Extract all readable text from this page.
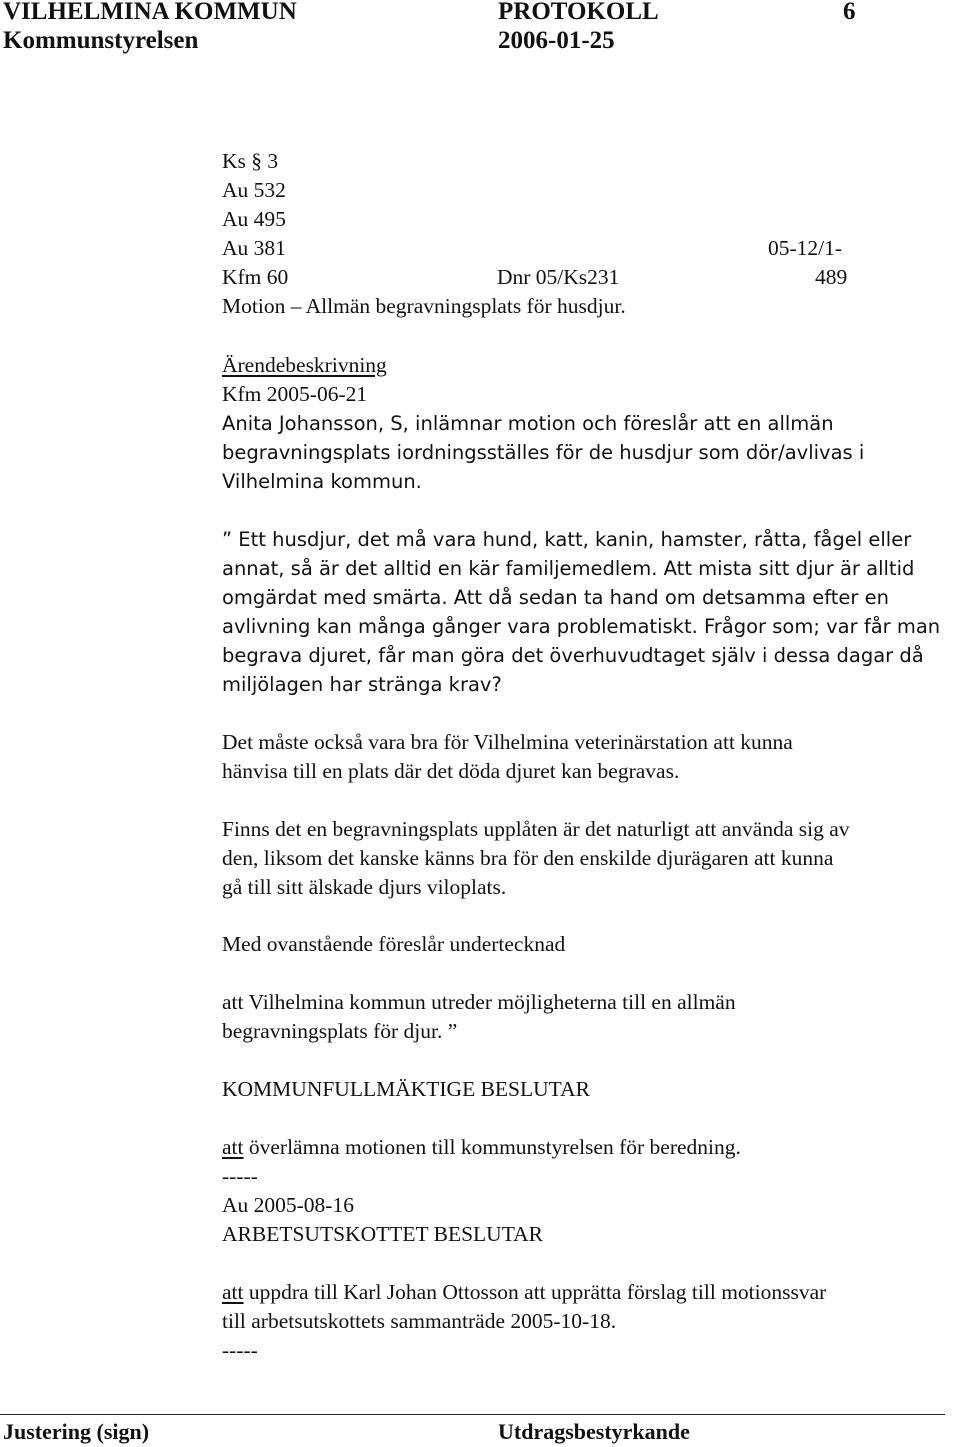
VILHELMINA KOMMUN	PROTOKOLL	6
Kommunstyrelsen	2006-01-25
Ks § 3
Au 532
Au 495
Au 381	05-12/1-
Kfm 60	Dnr 05/Ks231	489
Motion – Allmän begravningsplats för husdjur.
Ärendebeskrivning
Kfm 2005-06-21
Anita Johansson, S, inlämnar motion och föreslår att en allmän
begravningsplats iordningsställes för de husdjur som dör/avlivas i
Vilhelmina kommun.
” Ett husdjur, det må vara hund, katt, kanin, hamster, råtta, fågel eller
annat, så är det alltid en kär familjemedlem. Att mista sitt djur är alltid
omgärdat med smärta. Att då sedan ta hand om detsamma efter en
avlivning kan många gånger vara problematiskt. Frågor som; var får man
begrava djuret, får man göra det överhuvudtaget själv i dessa dagar då
miljölagen har stränga krav?
Det måste också vara bra för Vilhelmina veterinärstation att kunna
hänvisa till en plats där det döda djuret kan begravas.
Finns det en begravningsplats upplåten är det naturligt att använda sig av
den, liksom det kanske känns bra för den enskilde djurägaren att kunna
gå till sitt älskade djurs viloplats.
Med ovanstående föreslår undertecknad
att Vilhelmina kommun utreder möjligheterna till en allmän
begravningsplats för djur. ”
KOMMUNFULLMÄKTIGE BESLUTAR
att överlämna motionen till kommunstyrelsen för beredning.
-----
Au 2005-08-16
ARBETSUTSKOTTET BESLUTAR
att uppdra till Karl Johan Ottosson att upprätta förslag till motionssvar
till arbetsutskottets sammanträde 2005-10-18.
-----
Justering (sign)	Utdragsbestyrkande
